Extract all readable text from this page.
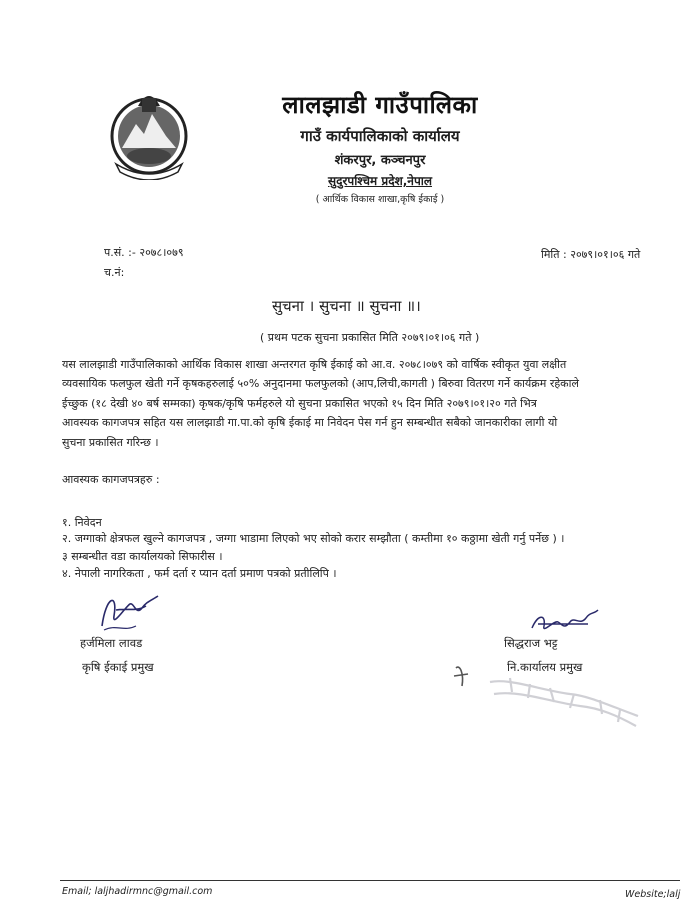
लालझाडी गाउँपालिका
गाउँ कार्यपालिकाको कार्यालय
शंकरपुर, कञ्चनपुर
सुदुरपश्चिम प्रदेश,नेपाल
( आर्थिक विकास शाखा,कृषि ईकाई )
प.सं. :- २०७८।०७९
च.नं:
मिति : २०७९।०१।०६ गते
सुचना । सुचना ॥ सुचना ॥।
( प्रथम पटक सुचना प्रकासित मिति २०७९।०१।०६ गते )
यस लालझाडी गाउँपालिकाको आर्थिक विकास शाखा अन्तरगत कृषि ईकाई को आ.व. २०७८।०७९ को वार्षिक स्वीकृत युवा लक्षीत
व्यवसायिक फलफुल खेती गर्ने कृषकहरुलाई ५०% अनुदानमा फलफुलको (आप,लिची,कागती ) बिरुवा वितरण गर्ने कार्यक्रम रहेकाले
ईच्छुक (१८ देखी ४० बर्ष सम्मका) कृषक/कृषि फर्महरुले यो सुचना प्रकासित भएको १५ दिन मिति २०७९।०१।२० गते भित्र
आवस्यक कागजपत्र सहित यस लालझाडी गा.पा.को कृषि ईकाई मा निवेदन पेस गर्न हुन सम्बन्धीत सबैको जानकारीका लागी यो
सुचना प्रकासित गरिन्छ ।
आवस्यक कागजपत्रहरु :
१. निवेदन
२. जग्गाको क्षेत्रफल खुल्ने कागजपत्र , जग्गा भाडामा लिएको भए सोको करार सम्झौता ( कम्तीमा १० कठ्ठामा खेती गर्नु पर्नेछ ) ।
३ सम्बन्धीत वडा कार्यालयको सिफारीस ।
४. नेपाली नागरिकता , फर्म दर्ता र प्यान दर्ता प्रमाण पत्रको प्रतीलिपि ।
हर्जमिला लावड
कृषि ईकाई प्रमुख
सिद्धराज भट्ट
नि.कार्यालय प्रमुख
Email; laljhadirmnc@gmail.com	Website;lalj
